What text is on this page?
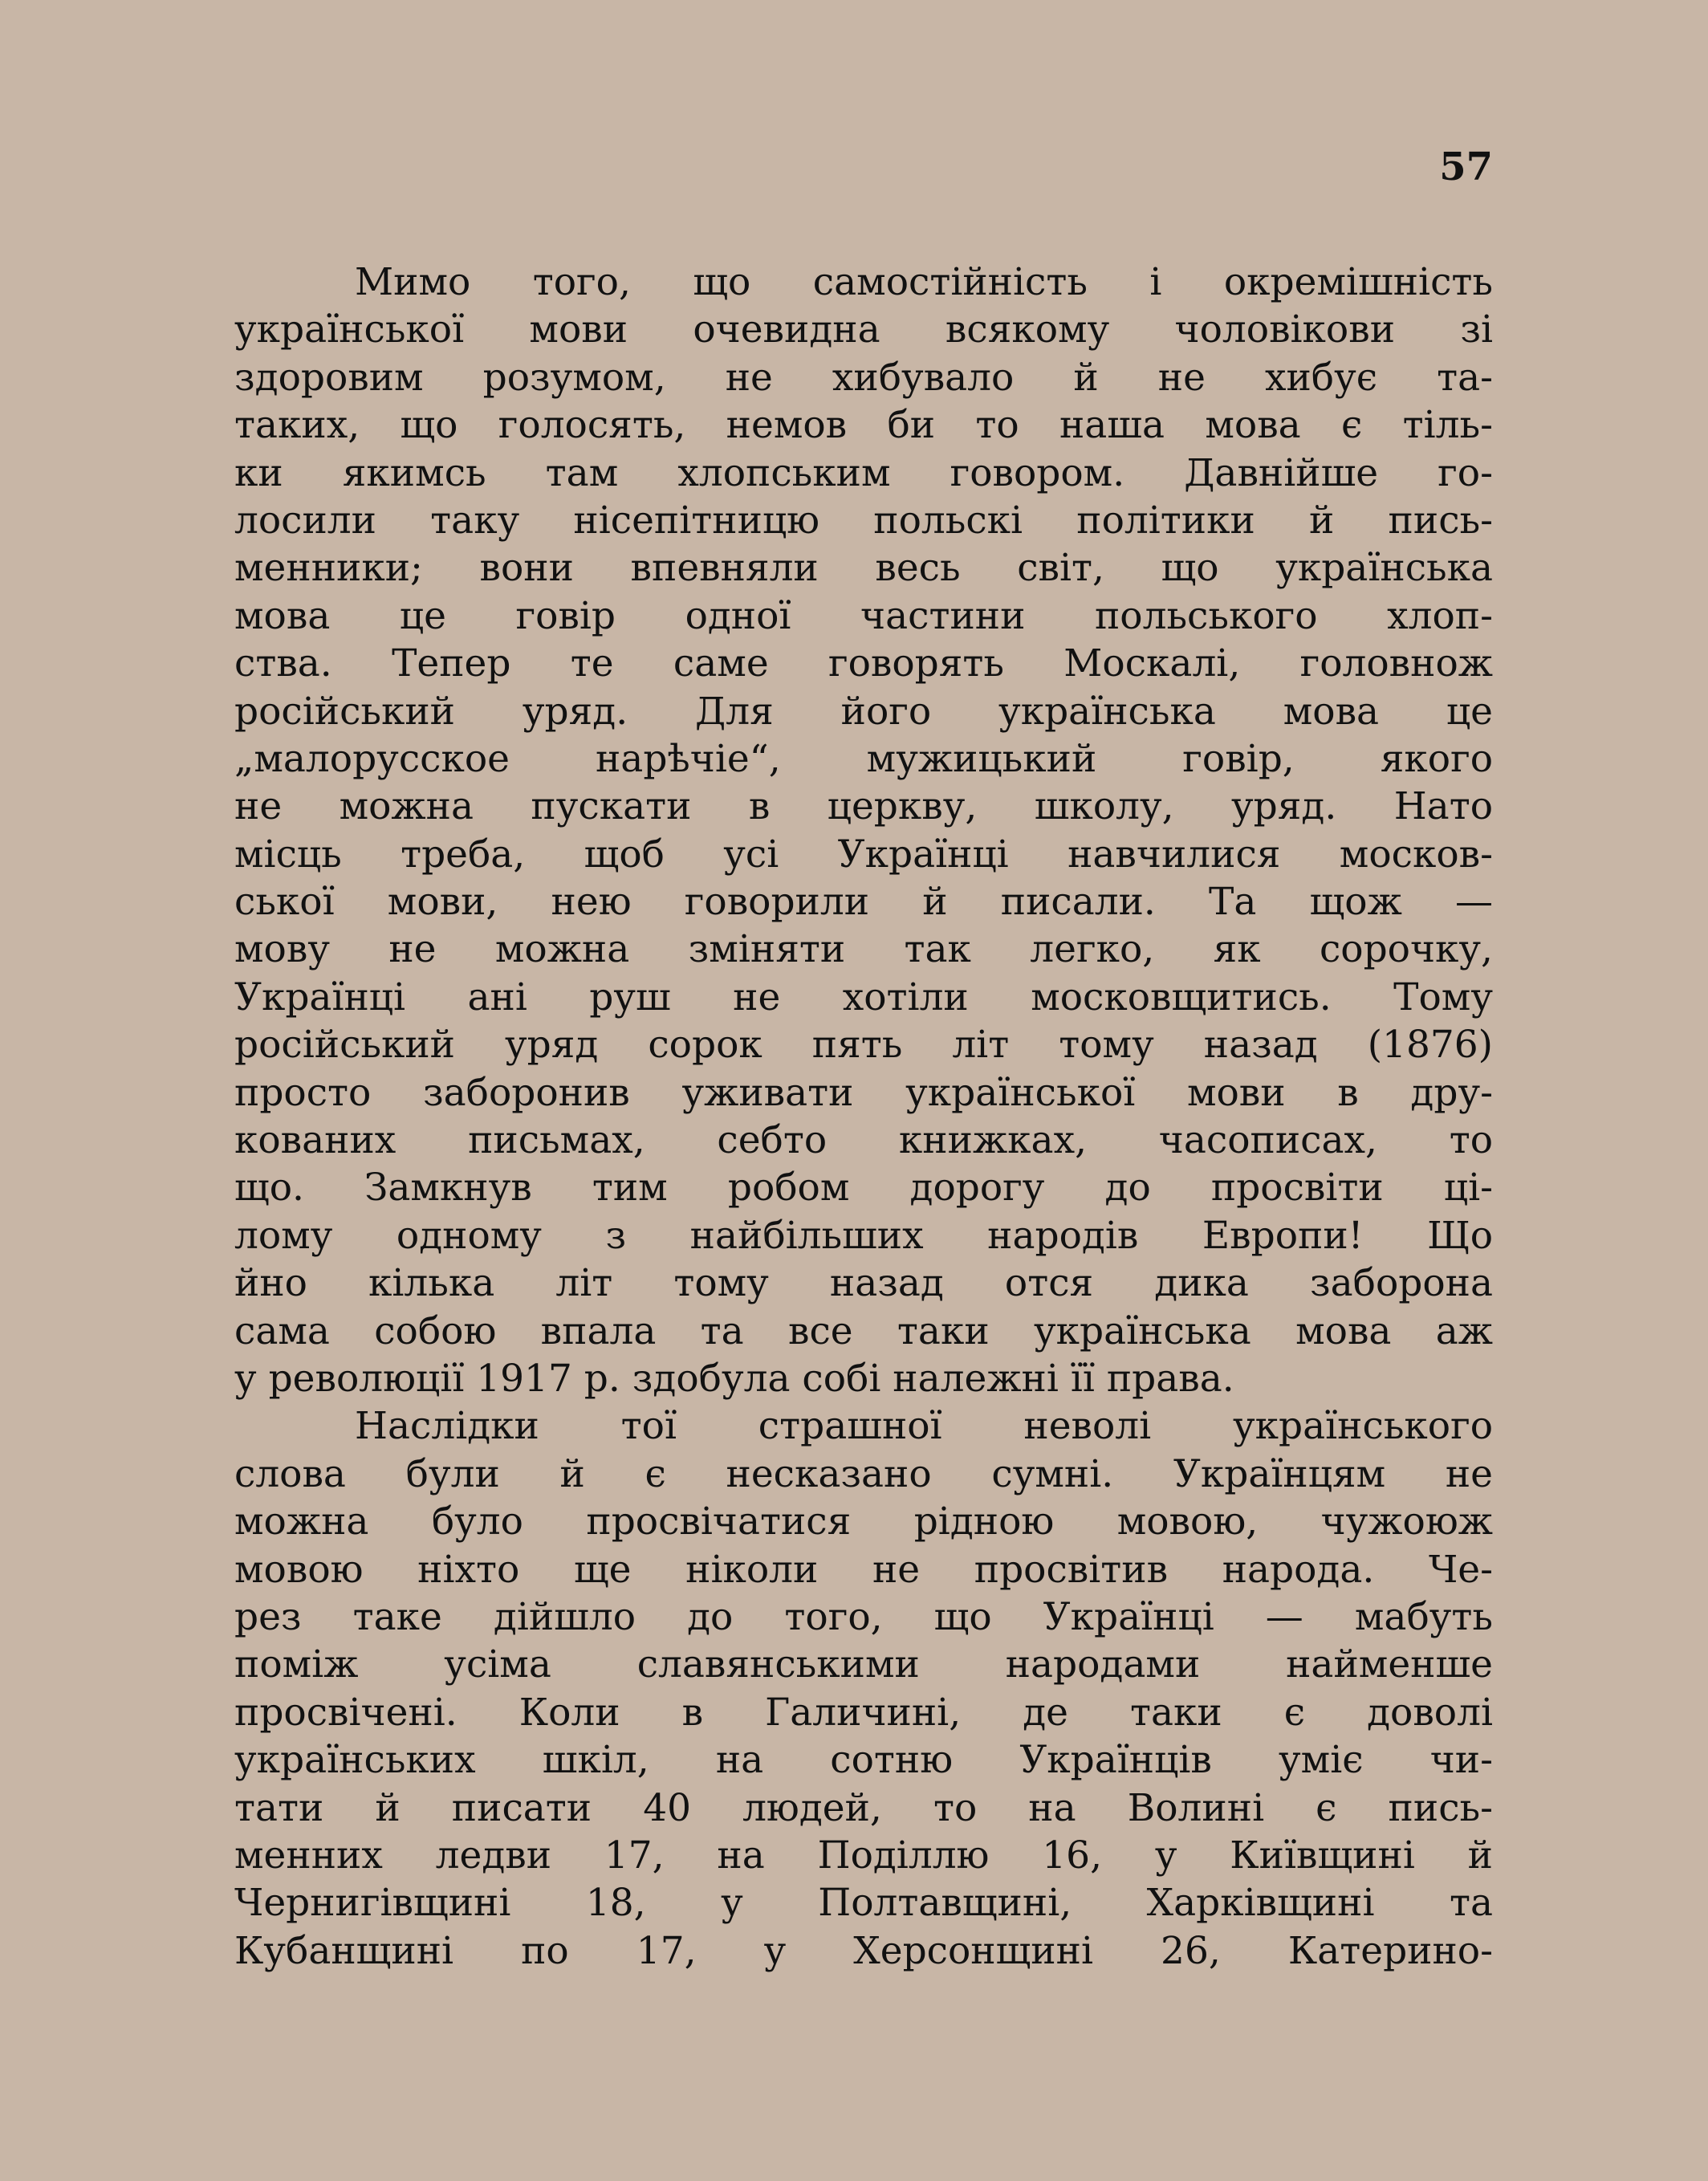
57
Мимо того, що самостійність і окремішність
української мови очевидна всякому чоловікови зі
здоровим розумом, не хибувало й не хибує та-
таких, що голосять, немов би то наша мова є тіль-
ки якимсь там хлопським говором. Давнійше го-
лосили таку нісепітницю польскі політики й пись-
менники; вони впевняли весь світ, що українська
мова це говір одної частини польського хлоп-
ства. Тепер те саме говорять Москалі, головнож
російський уряд. Для його українська мова це
„малорусское нарѣчіе“, мужицький говір, якого
не можна пускати в церкву, школу, уряд. Нато
місць треба, щоб усі Українці навчилися москов-
ської мови, нею говорили й писали. Та щож —
мову не можна зміняти так легко, як сорочку,
Українці ані руш не хотіли московщитись. Тому
російський уряд сорок пять літ тому назад (1876)
просто заборонив уживати української мови в дру-
кованих письмах, себто книжках, часописах, то
що. Замкнув тим робом дорогу до просвіти ці-
лому одному з найбільших народів Европи! Що
йно кілька літ тому назад отся дика заборона
сама собою впала та все таки українська мова аж
у революції 1917 р. здобула собі належні її права.
Наслідки тої страшної неволі українського
слова були й є несказано сумні. Українцям не
можна було просвічатися рідною мовою, чужоюж
мовою ніхто ще ніколи не просвітив народа. Че-
рез таке дійшло до того, що Українці — мабуть
поміж усіма славянськими народами найменше
просвічені. Коли в Галичині, де таки є доволі
українських шкіл, на сотню Українців уміє чи-
тати й писати 40 людей, то на Волині є пись-
менних ледви 17, на Поділлю 16, у Київщині й
Чернигівщині 18, у Полтавщині, Харківщині та
Кубанщині по 17, у Херсонщині 26, Катерино-
